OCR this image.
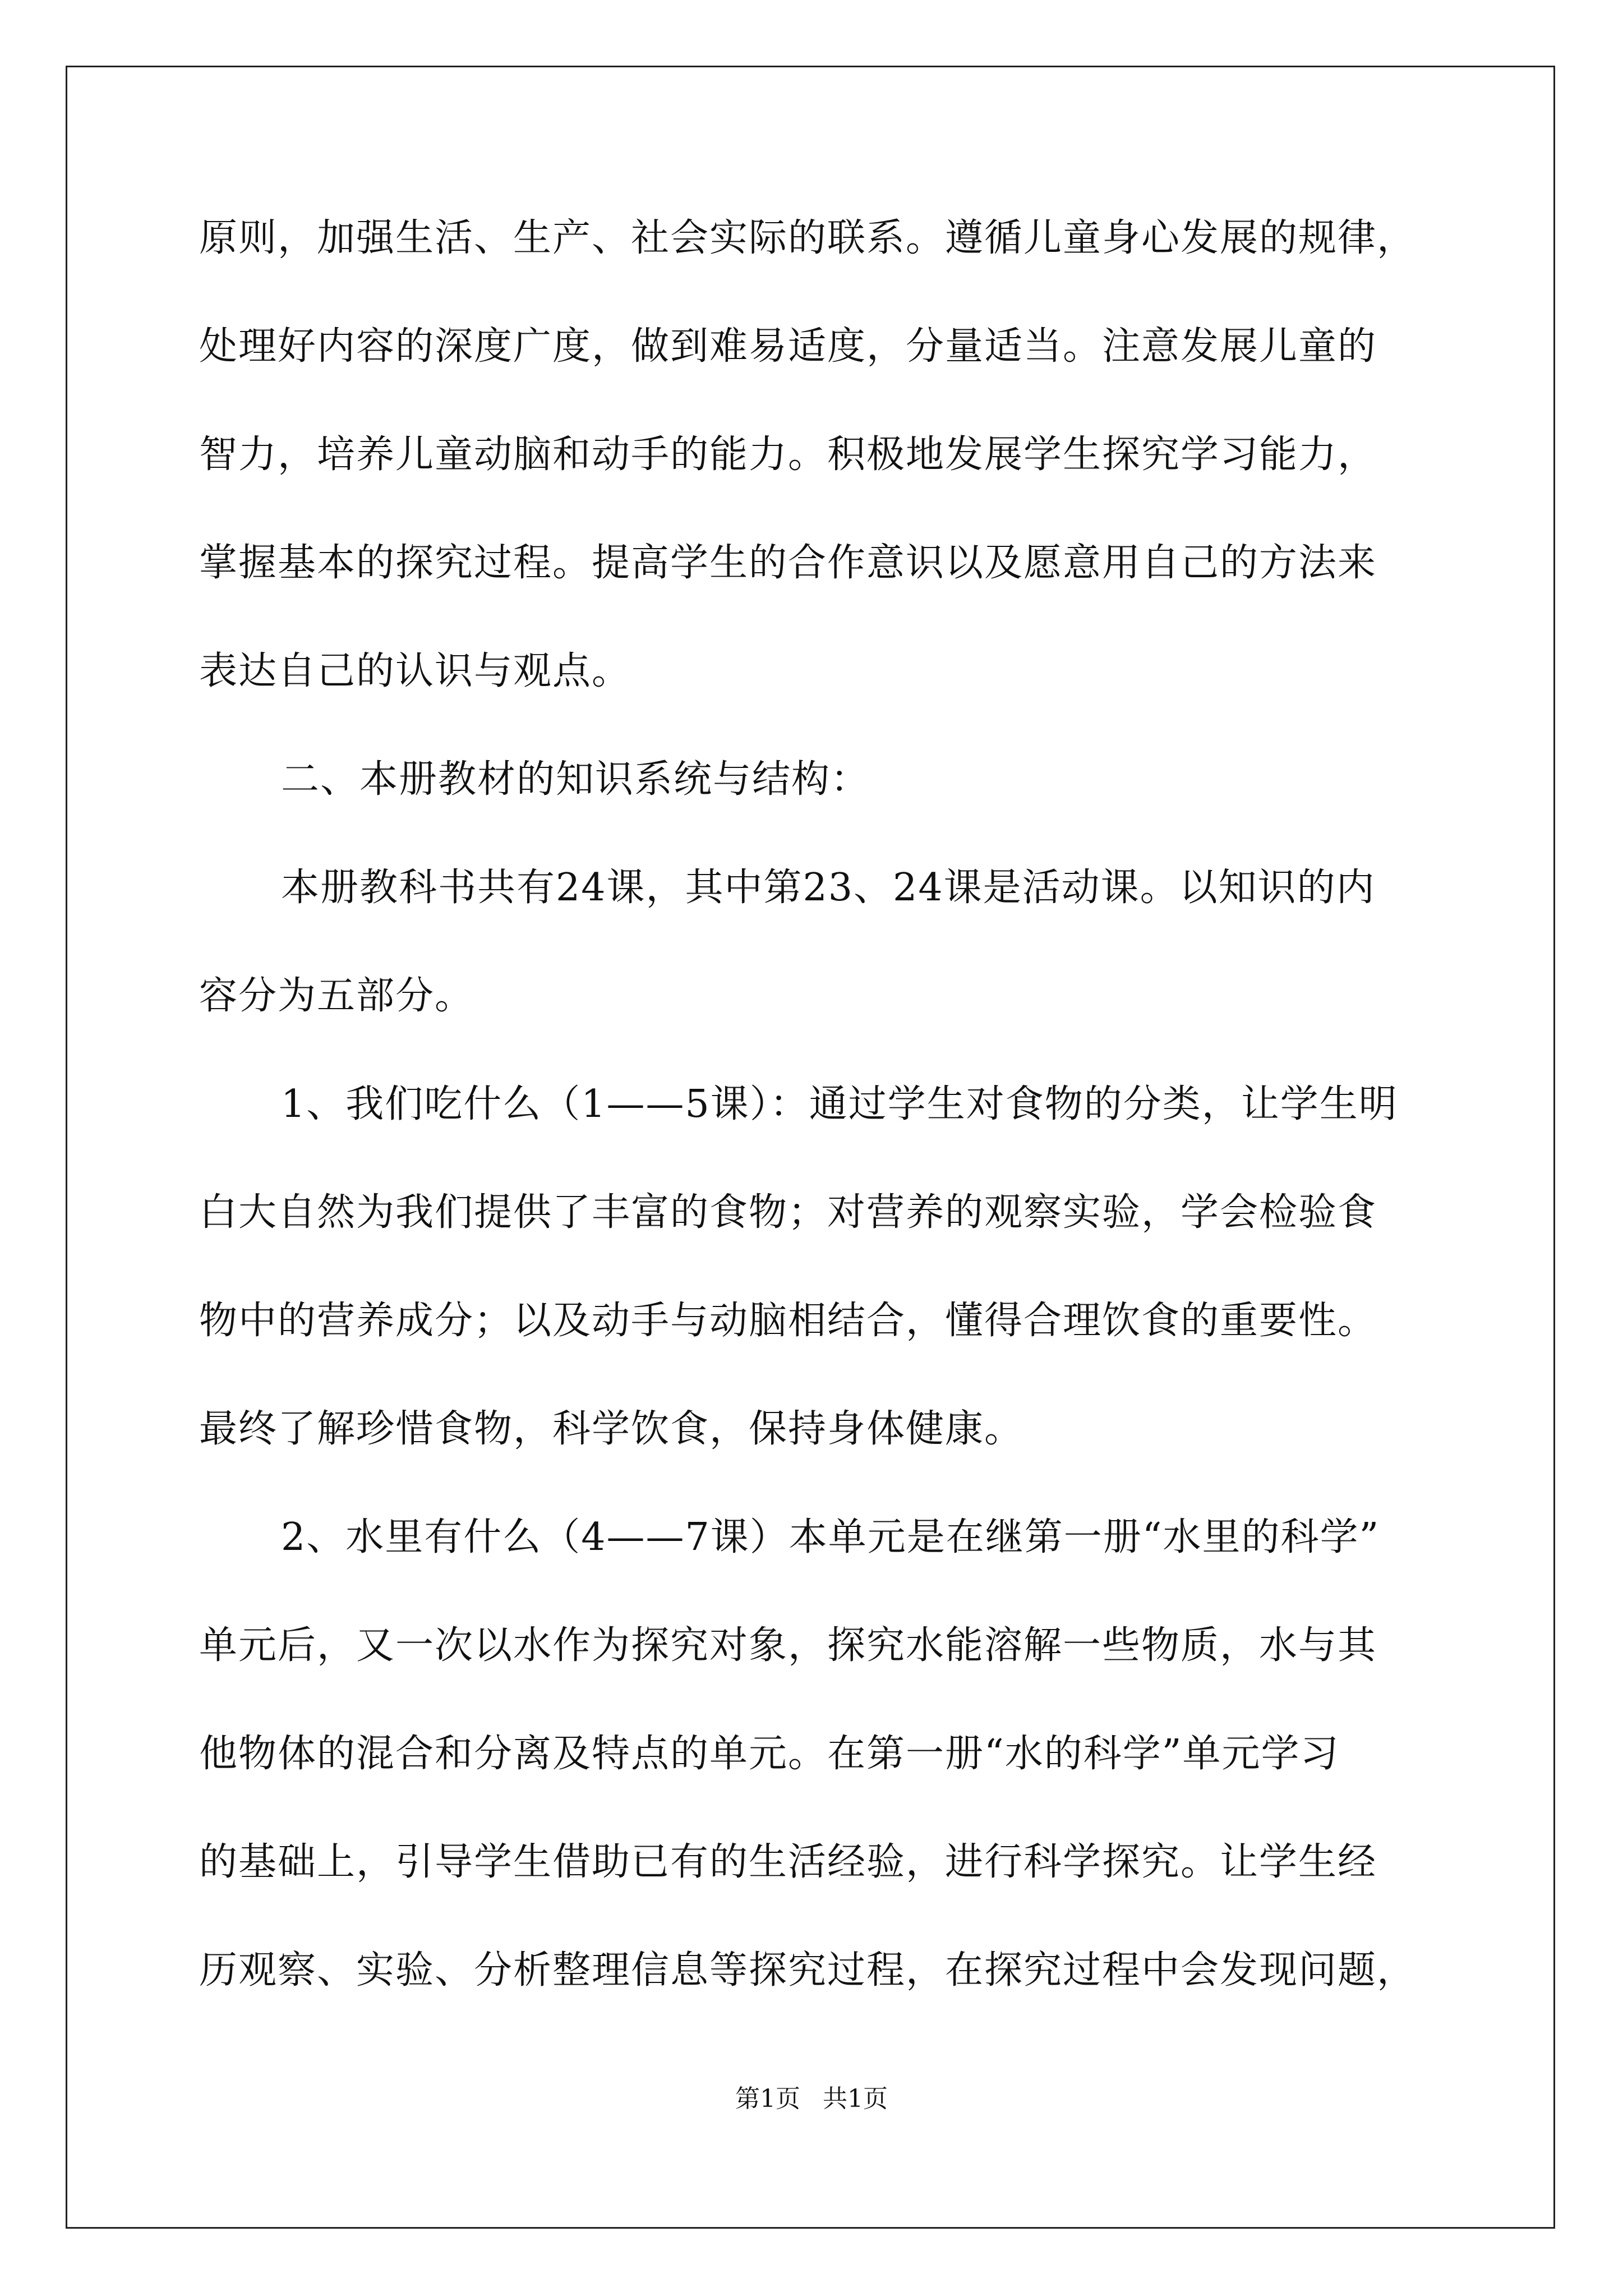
原则，加强生活、生产、社会实际的联系。遵循儿童身心发展的规律，
处理好内容的深度广度，做到难易适度，分量适当。注意发展儿童的
智力，培养儿童动脑和动手的能力。积极地发展学生探究学习能力，
掌握基本的探究过程。提高学生的合作意识以及愿意用自己的方法来
表达自己的认识与观点。
二、本册教材的知识系统与结构：
本册教科书共有24课，其中第23、24课是活动课。以知识的内
容分为五部分。
1、我们吃什么（1——5课）：通过学生对食物的分类，让学生明
白大自然为我们提供了丰富的食物；对营养的观察实验，学会检验食
物中的营养成分；以及动手与动脑相结合，懂得合理饮食的重要性。
最终了解珍惜食物，科学饮食，保持身体健康。
2、水里有什么（4——7课）本单元是在继第一册“水里的科学”
单元后，又一次以水作为探究对象，探究水能溶解一些物质，水与其
他物体的混合和分离及特点的单元。在第一册“水的科学”单元学习
的基础上，引导学生借助已有的生活经验，进行科学探究。让学生经
历观察、实验、分析整理信息等探究过程，在探究过程中会发现问题，
第1页 共1页
